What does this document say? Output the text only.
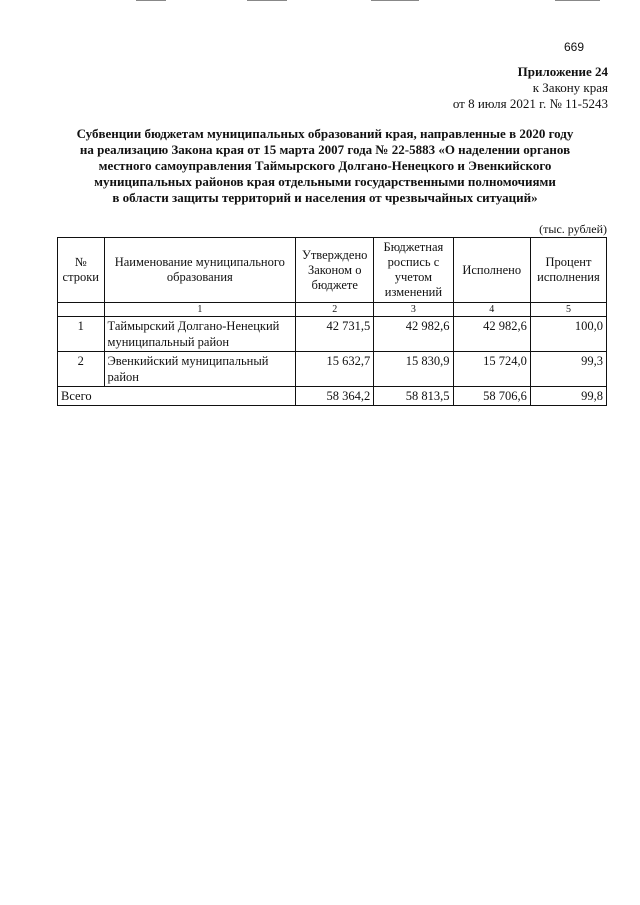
669
Приложение 24
к Закону края
от 8 июля 2021 г. № 11-5243
Субвенции бюджетам муниципальных образований края, направленные в 2020 году
на реализацию Закона края от 15 марта 2007 года № 22-5883 «О наделении органов
местного самоуправления Таймырского Долгано-Ненецкого и Эвенкийского
муниципальных районов края отдельными государственными полномочиями
в области защиты территорий и населения от чрезвычайных ситуаций»
(тыс. рублей)
№ строки	Наименование муниципального образования	Утверждено Законом о бюджете	Бюджетная роспись с учетом изменений	Исполнено	Процент исполнения
	1	2	3	4	5
1	Таймырский Долгано-Ненецкий муниципальный район	42 731,5	42 982,6	42 982,6	100,0
2	Эвенкийский муниципальный район	15 632,7	15 830,9	15 724,0	99,3
Всего		58 364,2	58 813,5	58 706,6	99,8
